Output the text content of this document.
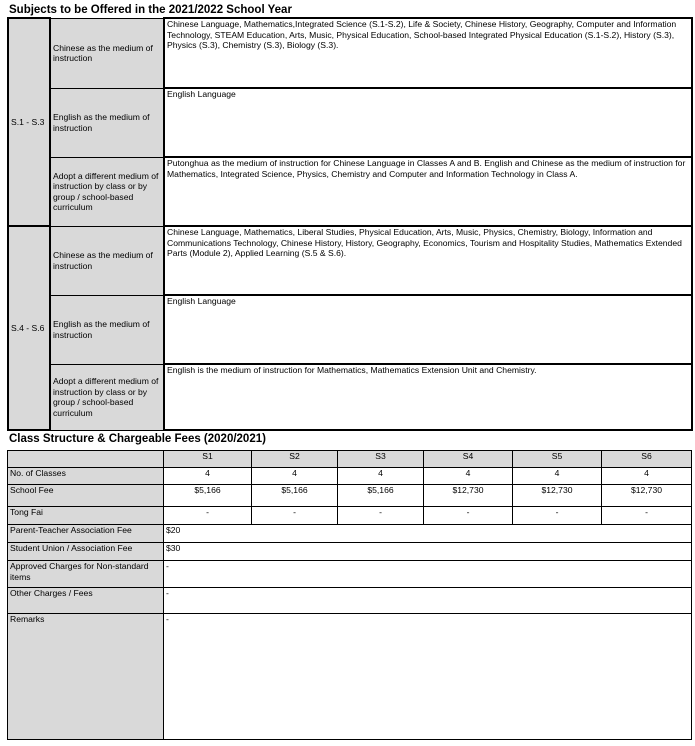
Subjects to be Offered in the 2021/2022 School Year
S.1 - S.3	Chinese as the medium of instruction	Chinese Language, Mathematics,Integrated Science (S.1-S.2), Life & Society, Chinese History, Geography, Computer and Information Technology, STEAM Education, Arts, Music, Physical Education, School-based Integrated Physical Education (S.1-S.2), History (S.3), Physics (S.3), Chemistry (S.3), Biology (S.3).
	English as the medium of instruction	English Language
	Adopt a different medium of instruction by class or by group / school-based curriculum	Putonghua as the medium of instruction for Chinese Language in Classes A and B. English and Chinese as the medium of instruction for Mathematics, Integrated Science, Physics, Chemistry and Computer and Information Technology in Class A.
S.4 - S.6	Chinese as the medium of instruction	Chinese Language, Mathematics, Liberal Studies, Physical Education, Arts, Music, Physics, Chemistry, Biology, Information and Communications Technology, Chinese History, History, Geography, Economics, Tourism and Hospitality Studies, Mathematics Extended Parts (Module 2), Applied Learning (S.5 & S.6).
	English as the medium of instruction	English Language
	Adopt a different medium of instruction by class or by group / school-based curriculum	English is the medium of instruction for Mathematics, Mathematics Extension Unit and Chemistry.
Class Structure & Chargeable Fees (2020/2021)
	S1	S2	S3	S4	S5	S6
No. of Classes	4	4	4	4	4	4
School Fee	$5,166	$5,166	$5,166	$12,730	$12,730	$12,730
Tong Fai	-	-	-	-	-	-
Parent-Teacher Association Fee	$20					
Student Union / Association Fee	$30					
Approved Charges for Non-standard items	-					
Other Charges / Fees	-					
Remarks	-					
